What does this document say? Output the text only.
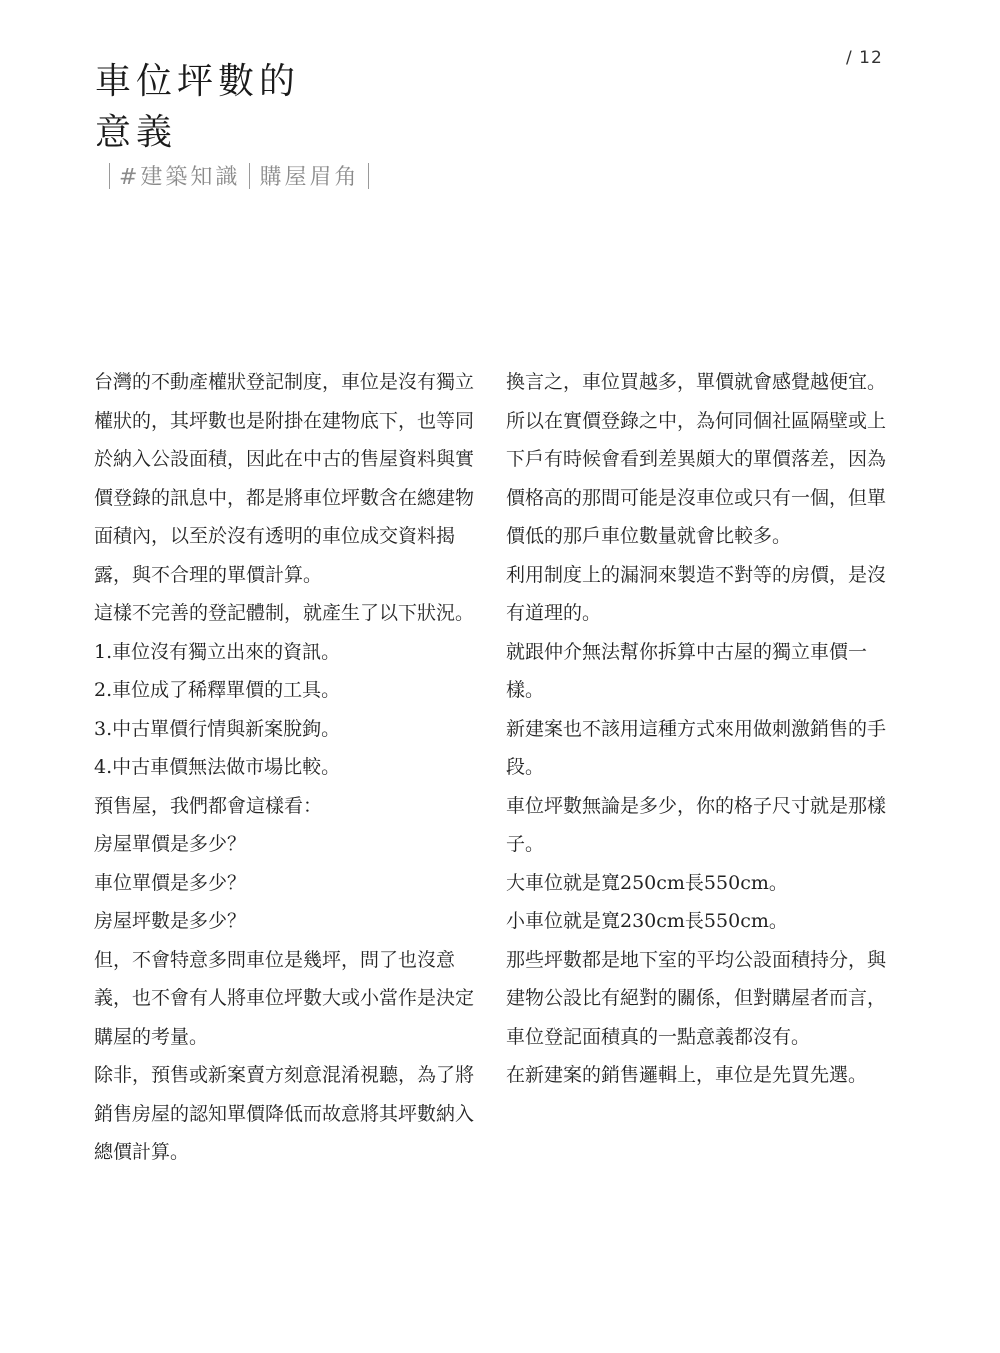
/ 12
車位坪數的
意義
#建築知識 購屋眉角

台灣的不動產權狀登記制度，車位是沒有獨立權狀的，其坪數也是附掛在建物底下，也等同於納入公設面積，因此在中古的售屋資料與實價登錄的訊息中，都是將車位坪數含在總建物面積內，以至於沒有透明的車位成交資料揭露，與不合理的單價計算。

這樣不完善的登記體制，就產生了以下狀況。

1.車位沒有獨立出來的資訊。

2.車位成了稀釋單價的工具。

3.中古單價行情與新案脫鉤。

4.中古車價無法做市場比較。

預售屋，我們都會這樣看：

房屋單價是多少？

車位單價是多少？

房屋坪數是多少？

但，不會特意多問車位是幾坪，問了也沒意義，也不會有人將車位坪數大或小當作是決定購屋的考量。

除非，預售或新案賣方刻意混淆視聽，為了將銷售房屋的認知單價降低而故意將其坪數納入總價計算。

換言之，車位買越多，單價就會感覺越便宜。

所以在實價登錄之中，為何同個社區隔壁或上下戶有時候會看到差異頗大的單價落差，因為價格高的那間可能是沒車位或只有一個，但單價低的那戶車位數量就會比較多。

利用制度上的漏洞來製造不對等的房價，是沒有道理的。

就跟仲介無法幫你拆算中古屋的獨立車價一樣。

新建案也不該用這種方式來用做刺激銷售的手段。

車位坪數無論是多少，你的格子尺寸就是那樣子。

大車位就是寬250cm長550cm。

小車位就是寬230cm長550cm。

那些坪數都是地下室的平均公設面積持分，與建物公設比有絕對的關係，但對購屋者而言，車位登記面積真的一點意義都沒有。

在新建案的銷售邏輯上，車位是先買先選。
